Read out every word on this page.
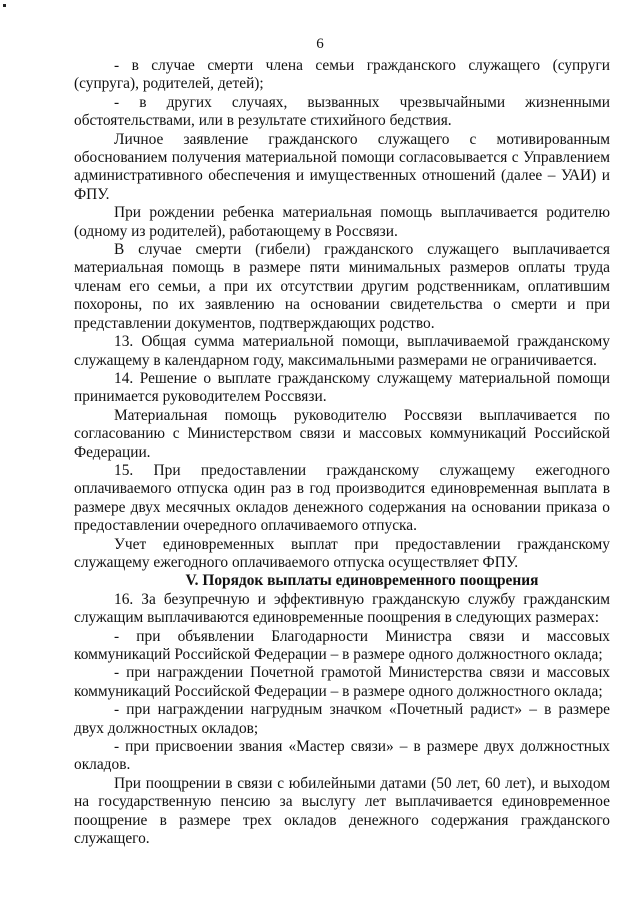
6

- в случае смерти члена семьи гражданского служащего (супруги (супруга), родителей, детей);

- в других случаях, вызванных чрезвычайными жизненными обстоятельствами, или в результате стихийного бедствия.

Личное заявление гражданского служащего с мотивированным обоснованием получения материальной помощи согласовывается с Управлением административного обеспечения и имущественных отношений (далее – УАИ) и ФПУ.

При рождении ребенка материальная помощь выплачивается родителю (одному из родителей), работающему в Россвязи.

В случае смерти (гибели) гражданского служащего выплачивается материальная помощь в размере пяти минимальных размеров оплаты труда членам его семьи, а при их отсутствии другим родственникам, оплатившим похороны, по их заявлению на основании свидетельства о смерти и при представлении документов, подтверждающих родство.

13. Общая сумма материальной помощи, выплачиваемой гражданскому служащему в календарном году, максимальными размерами не ограничивается.

14. Решение о выплате гражданскому служащему материальной помощи принимается руководителем Россвязи.

Материальная помощь руководителю Россвязи выплачивается по согласованию с Министерством связи и массовых коммуникаций Российской Федерации.

15. При предоставлении гражданскому служащему ежегодного оплачиваемого отпуска один раз в год производится единовременная выплата в размере двух месячных окладов денежного содержания на основании приказа о предоставлении очередного оплачиваемого отпуска.

Учет единовременных выплат при предоставлении гражданскому служащему ежегодного оплачиваемого отпуска осуществляет ФПУ.

V. Порядок выплаты единовременного поощрения

16. За безупречную и эффективную гражданскую службу гражданским служащим выплачиваются единовременные поощрения в следующих размерах:

- при объявлении Благодарности Министра связи и массовых коммуникаций Российской Федерации – в размере одного должностного оклада;

- при награждении Почетной грамотой Министерства связи и массовых коммуникаций Российской Федерации – в размере одного должностного оклада;

- при награждении нагрудным значком «Почетный радист» – в размере двух должностных окладов;

- при присвоении звания «Мастер связи» – в размере двух должностных окладов.

При поощрении в связи с юбилейными датами (50 лет, 60 лет), и выходом на государственную пенсию за выслугу лет выплачивается единовременное поощрение в размере трех окладов денежного содержания гражданского служащего.
